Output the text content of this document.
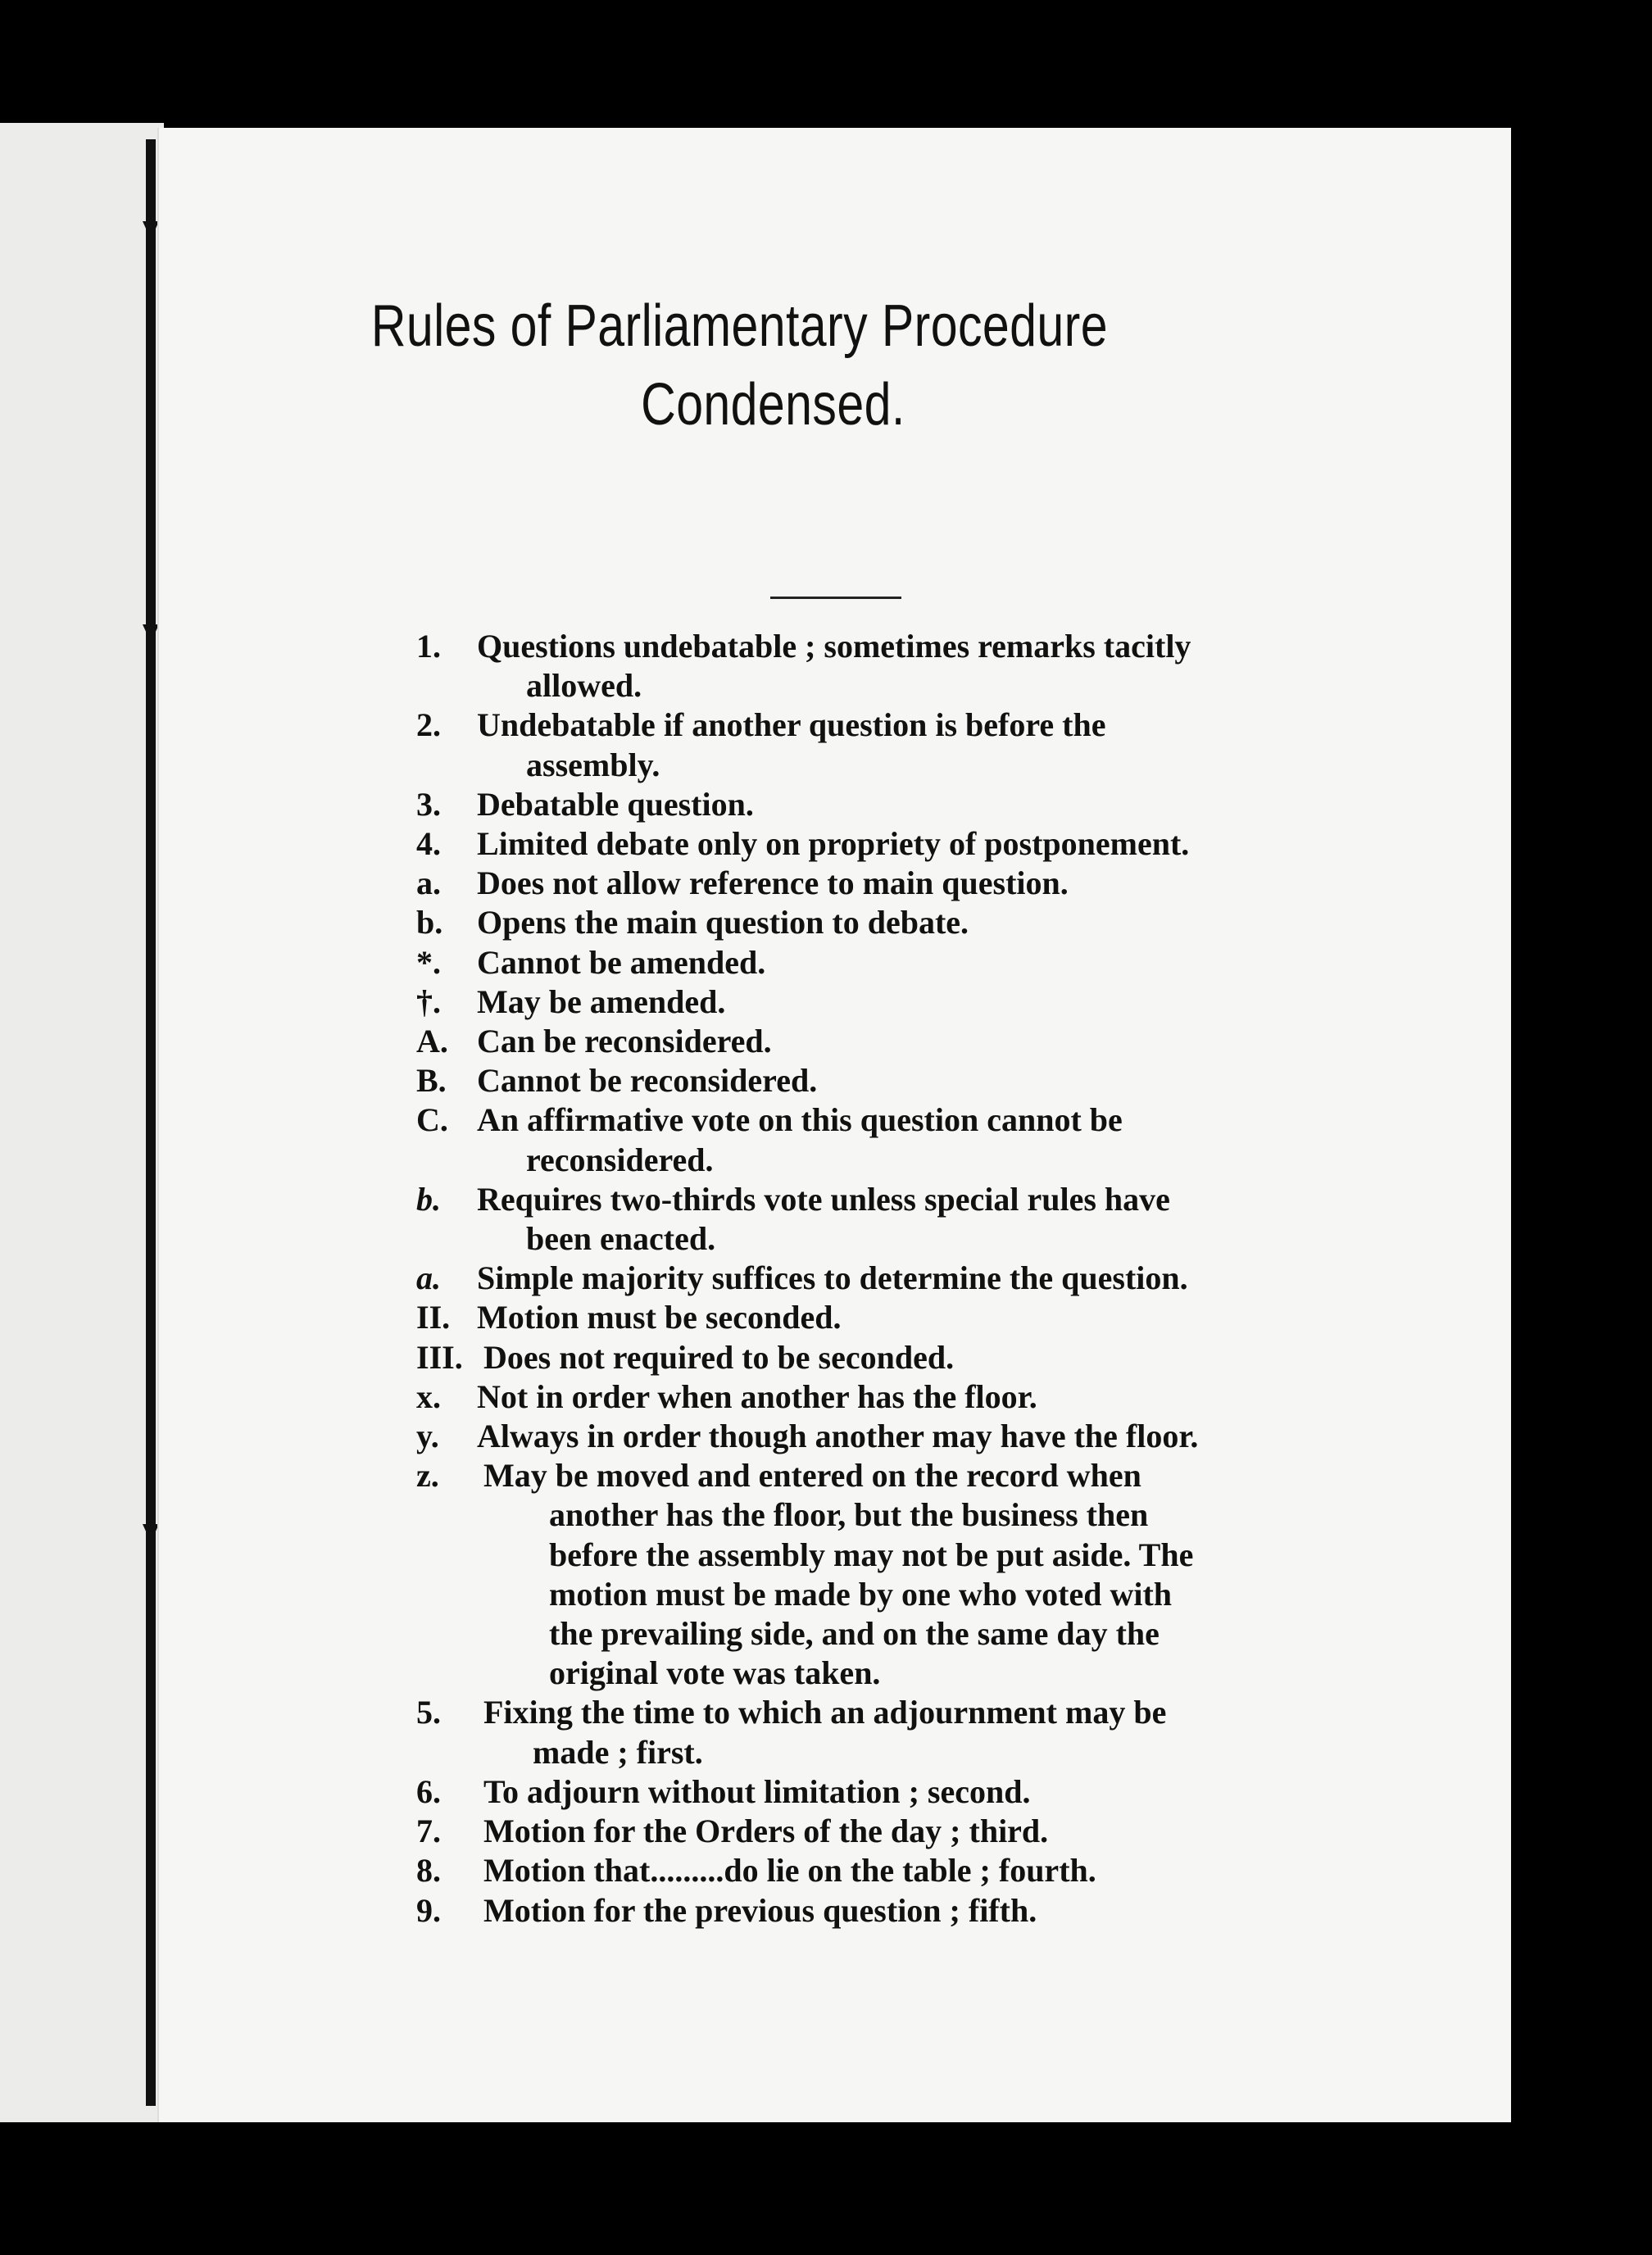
Rules of Parliamentary Procedure
Condensed.
1. Questions undebatable ; sometimes remarks tacitly
allowed.
2. Undebatable if another question is before the
assembly.
3. Debatable question.
4. Limited debate only on propriety of postponement.
a. Does not allow reference to main question.
b. Opens the main question to debate.
*. Cannot be amended.
†. May be amended.
A. Can be reconsidered.
B. Cannot be reconsidered.
C. An affirmative vote on this question cannot be
reconsidered.
b. Requires two-thirds vote unless special rules have
been enacted.
a. Simple majority suffices to determine the question.
II. Motion must be seconded.
III. Does not required to be seconded.
x. Not in order when another has the floor.
y. Always in order though another may have the floor.
z. May be moved and entered on the record when
another has the floor, but the business then
before the assembly may not be put aside. The
motion must be made by one who voted with
the prevailing side, and on the same day the
original vote was taken.
5. Fixing the time to which an adjournment may be
made ; first.
6. To adjourn without limitation ; second.
7. Motion for the Orders of the day ; third.
8. Motion that.........do lie on the table ; fourth.
9. Motion for the previous question ; fifth.
